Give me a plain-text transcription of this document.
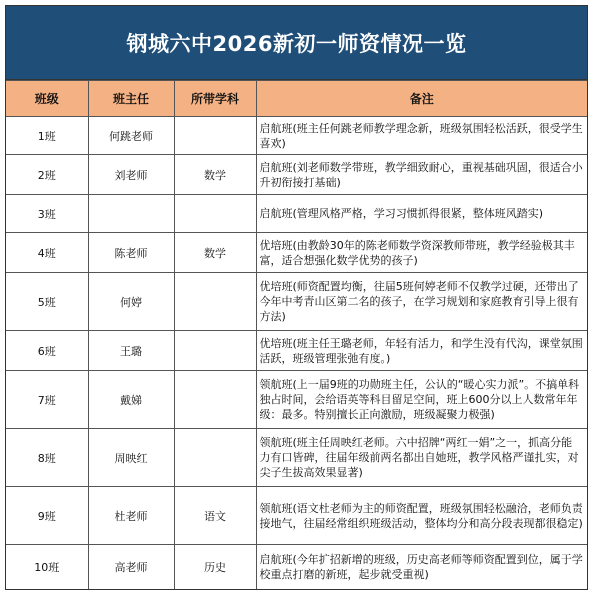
钢城六中2026新初一师资情况一览
班级	班主任	所带学科	备注
1班	何跳老师		启航班(班主任何跳老师教学理念新，班级氛围轻松活跃，很受学生喜欢)
2班	刘老师	数学	启航班(刘老师数学带班，教学细致耐心，重视基础巩固，很适合小升初衔接打基础)
3班			启航班(管理风格严格，学习习惯抓得很紧，整体班风踏实)
4班	陈老师	数学	优培班(由教龄30年的陈老师数学资深教师带班，教学经验极其丰富，适合想强化数学优势的孩子)
5班	何婷		优培班(师资配置均衡，往届5班何婷老师不仅教学过硬，还带出了今年中考青山区第二名的孩子，在学习规划和家庭教育引导上很有方法)
6班	王璐		优培班(班主任王璐老师，年轻有活力，和学生没有代沟，课堂氛围活跃，班级管理张弛有度。)
7班	戴娣		领航班(上一届9班的功勋班主任，公认的“暖心实力派”。不搞单科独占时间，会给语英等科目留足空间，班上600分以上人数常年年级：最多。特别擅长正向激励，班级凝聚力极强)
8班	周映红		领航班(班主任周映红老师。六中招牌“两红一娟”之一，抓高分能力有口皆碑，往届年级前两名都出自她班，教学风格严谨扎实，对尖子生拔高效果显著)
9班	杜老师	语文	领航班(语文杜老师为主的师资配置，班级氛围轻松融洽，老师负责接地气，往届经常组织班级活动，整体均分和高分段表现都很稳定)
10班	高老师	历史	启航班(今年扩招新增的班级，历史高老师等师资配置到位，属于学校重点打磨的新班，起步就受重视)
